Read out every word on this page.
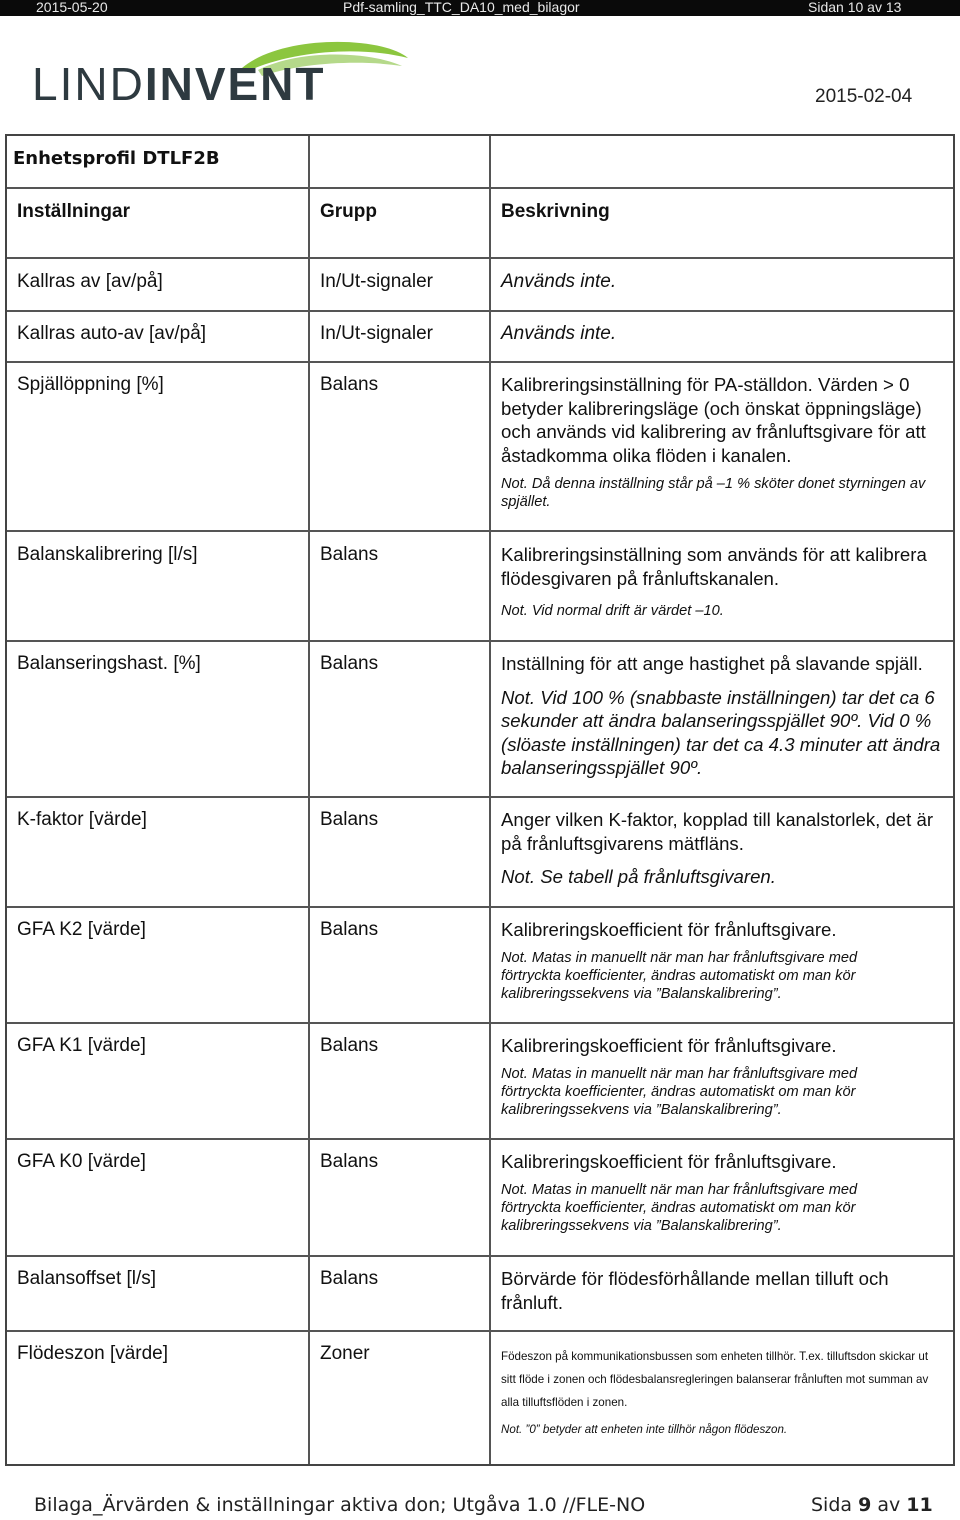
2015-05-20	Pdf-samling_TTC_DA10_med_bilagor	Sidan 10 av 13
LINDINVENT	2015-02-04
Enhetsprofil DTLF2B
Inställningar	Grupp	Beskrivning
Kallras av [av/på]	In/Ut-signaler	Används inte.
Kallras auto-av [av/på]	In/Ut-signaler	Används inte.
Spjällöppning [%]	Balans	Kalibreringsinställning för PA-ställdon. Värden > 0 betyder kalibreringsläge (och önskat öppningsläge) och används vid kalibrering av frånluftsgivare för att åstadkomma olika flöden i kanalen.
Not. Då denna inställning står på –1 % sköter donet styrningen av spjället.
Balanskalibrering [l/s]	Balans	Kalibreringsinställning som används för att kalibrera flödesgivaren på frånluftskanalen.
Not. Vid normal drift är värdet –10.
Balanseringshast. [%]	Balans	Inställning för att ange hastighet på slavande spjäll.
Not. Vid 100 % (snabbaste inställningen) tar det ca 6 sekunder att ändra balanseringsspjället 90º. Vid 0 % (slöaste inställningen) tar det ca 4.3 minuter att ändra balanseringsspjället 90º.
K-faktor [värde]	Balans	Anger vilken K-faktor, kopplad till kanalstorlek, det är på frånluftsgivarens mätfläns.
Not. Se tabell på frånluftsgivaren.
GFA K2 [värde]	Balans	Kalibreringskoefficient för frånluftsgivare.
Not. Matas in manuellt när man har frånluftsgivare med förtryckta koefficienter, ändras automatiskt om man kör kalibreringssekvens via ”Balanskalibrering”.
GFA K1 [värde]	Balans	Kalibreringskoefficient för frånluftsgivare.
Not. Matas in manuellt när man har frånluftsgivare med förtryckta koefficienter, ändras automatiskt om man kör kalibreringssekvens via ”Balanskalibrering”.
GFA K0 [värde]	Balans	Kalibreringskoefficient för frånluftsgivare.
Not. Matas in manuellt när man har frånluftsgivare med förtryckta koefficienter, ändras automatiskt om man kör kalibreringssekvens via ”Balanskalibrering”.
Balansoffset [l/s]	Balans	Börvärde för flödesförhållande mellan tilluft och frånluft.
Flödeszon [värde]	Zoner	Födeszon på kommunikationsbussen som enheten tillhör. T.ex. tilluftsdon skickar ut sitt flöde i zonen och flödesbalansregleringen balanserar frånluften mot summan av alla tilluftsflöden i zonen.
Not. ”0” betyder att enheten inte tillhör någon flödeszon.
Bilaga_Ärvärden & inställningar aktiva don; Utgåva 1.0 //FLE-NO	Sida 9 av 11
